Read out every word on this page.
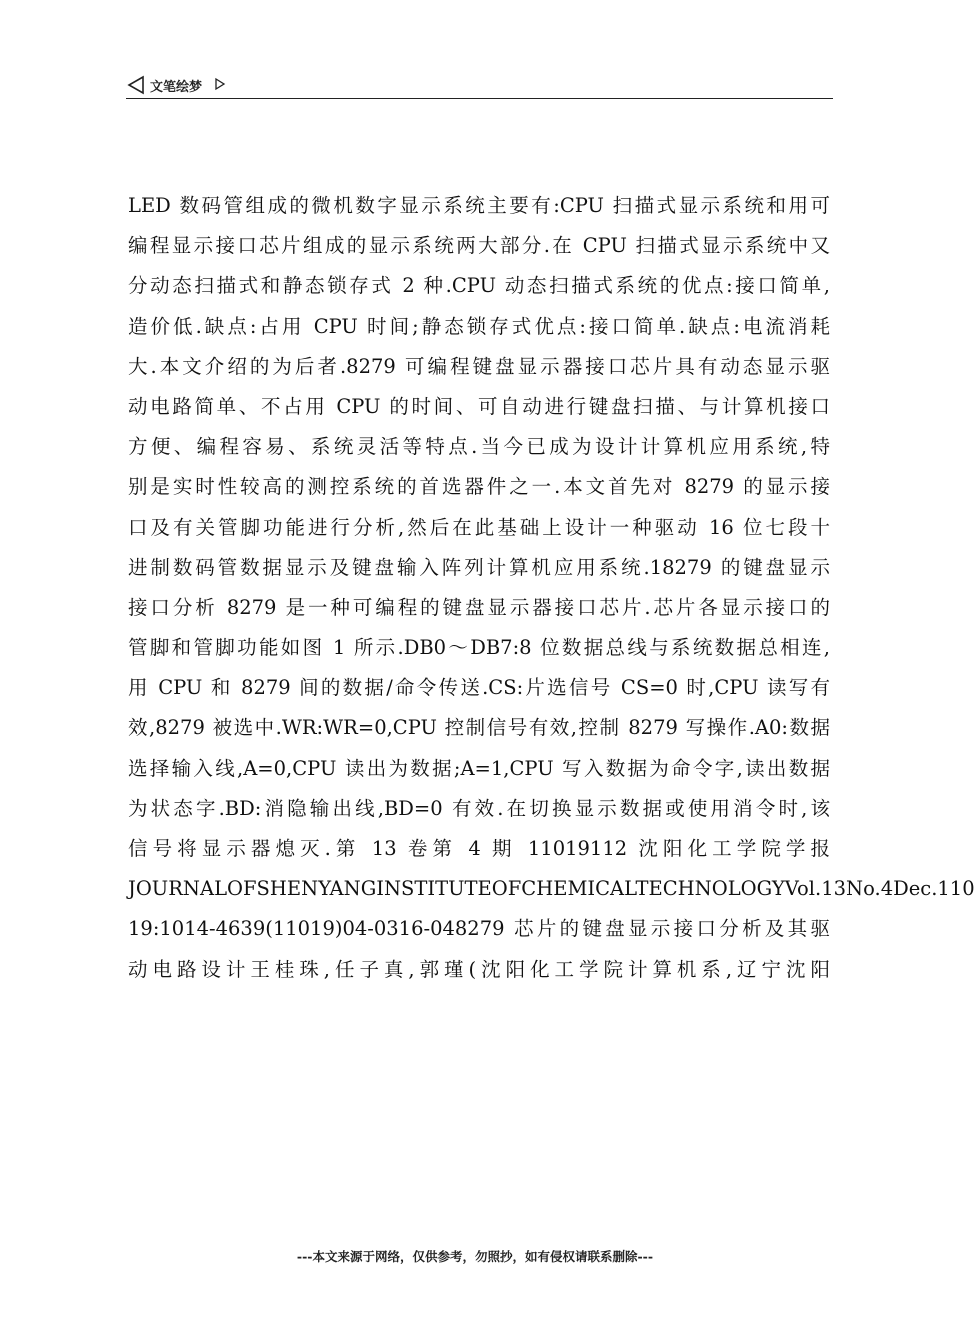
文笔绘梦
LED 数码管组成的微机数字显示系统主要有:CPU 扫描式显示系统和用可
编程显示接口芯片组成的显示系统两大部分.在 CPU 扫描式显示系统中又
分动态扫描式和静态锁存式 2 种.CPU 动态扫描式系统的优点:接口简单,
造价低.缺点:占用 CPU 时间;静态锁存式优点:接口简单.缺点:电流消耗
大.本文介绍的为后者.8279 可编程键盘显示器接口芯片具有动态显示驱
动电路简单、不占用 CPU 的时间、可自动进行键盘扫描、与计算机接口
方便、编程容易、系统灵活等特点.当今已成为设计计算机应用系统,特
别是实时性较高的测控系统的首选器件之一.本文首先对 8279 的显示接
口及有关管脚功能进行分析,然后在此基础上设计一种驱动 16 位七段十
进制数码管数据显示及键盘输入阵列计算机应用系统.18279 的键盘显示
接口分析 8279 是一种可编程的键盘显示器接口芯片.芯片各显示接口的
管脚和管脚功能如图 1 所示.DB0～DB7:8 位数据总线与系统数据总相连,
用 CPU 和 8279 间的数据/命令传送.CS:片选信号 CS=0 时,CPU 读写有
效,8279 被选中.WR:WR=0,CPU 控制信号有效,控制 8279 写操作.A0:数据
选择输入线,A=0,CPU 读出为数据;A=1,CPU 写入数据为命令字,读出数据
为状态字.BD:消隐输出线,BD=0 有效.在切换显示数据或使用消令时,该
信号将显示器熄灭.第 13 卷第 4 期 11019112 沈阳化工学院学报
JOURNALOFSHENYANGINSTITUTEOFCHEMICALTECHNOLOGYVol.13No.4Dec.110
19:1014-4639(11019)04-0316-048279 芯片的键盘显示接口分析及其驱
动电路设计王桂珠,任子真,郭瑾(沈阳化工学院计算机系,辽宁沈阳
---本文来源于网络，仅供参考，勿照抄，如有侵权请联系删除---
